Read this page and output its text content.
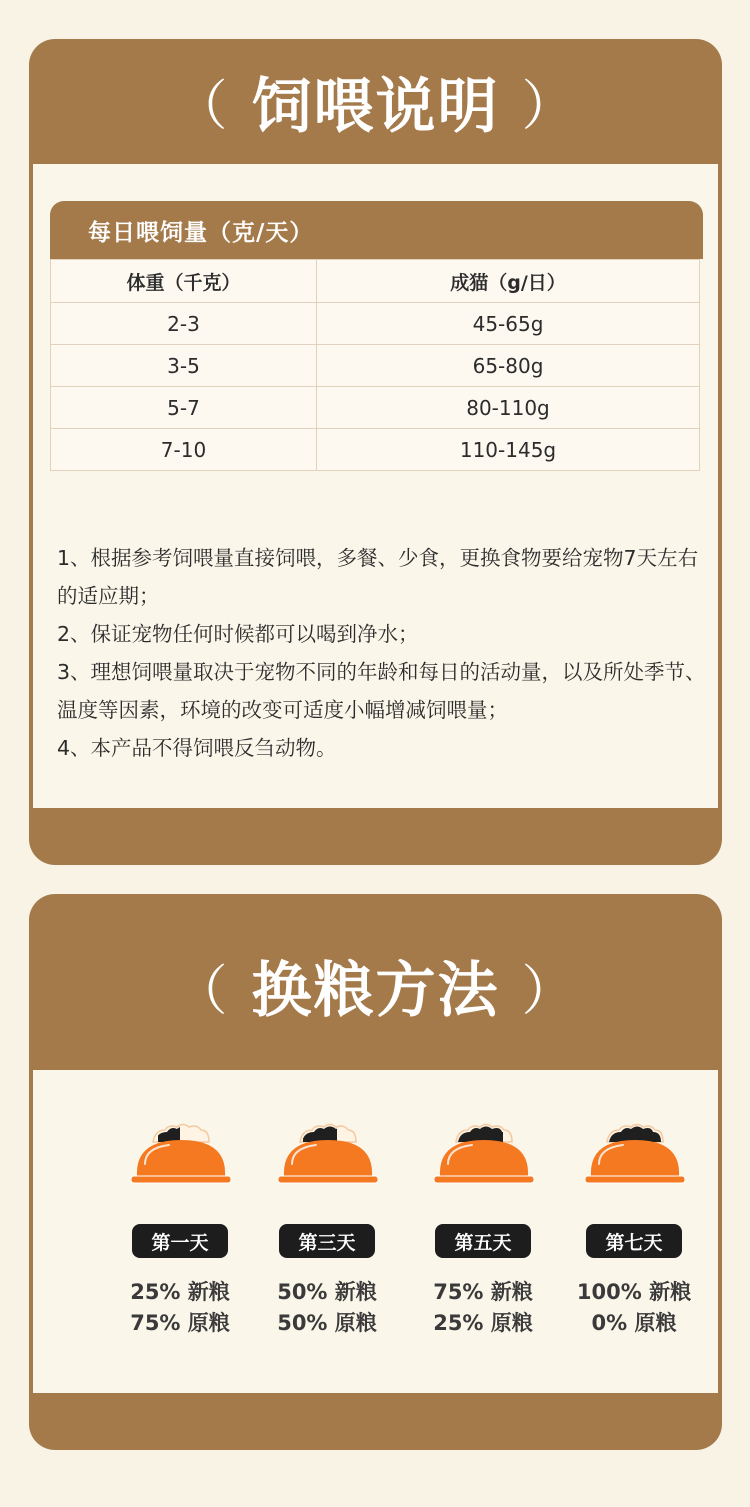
（ 饲喂说明 ）
每日喂饲量（克/天）
体重（千克）	成猫（g/日）
2-3	45-65g
3-5	65-80g
5-7	80-110g
7-10	110-145g

1、根据参考饲喂量直接饲喂，多餐、少食，更换食物要给宠物7天左右的适应期；

2、保证宠物任何时候都可以喝到净水；

3、理想饲喂量取决于宠物不同的年龄和每日的活动量，以及所处季节、温度等因素，环境的改变可适度小幅增减饲喂量；

4、本产品不得饲喂反刍动物。

（ 换粮方法 ）
第一天
25% 新粮
75% 原粮
第三天
50% 新粮
50% 原粮
第五天
75% 新粮
25% 原粮
第七天
100% 新粮
0% 原粮
